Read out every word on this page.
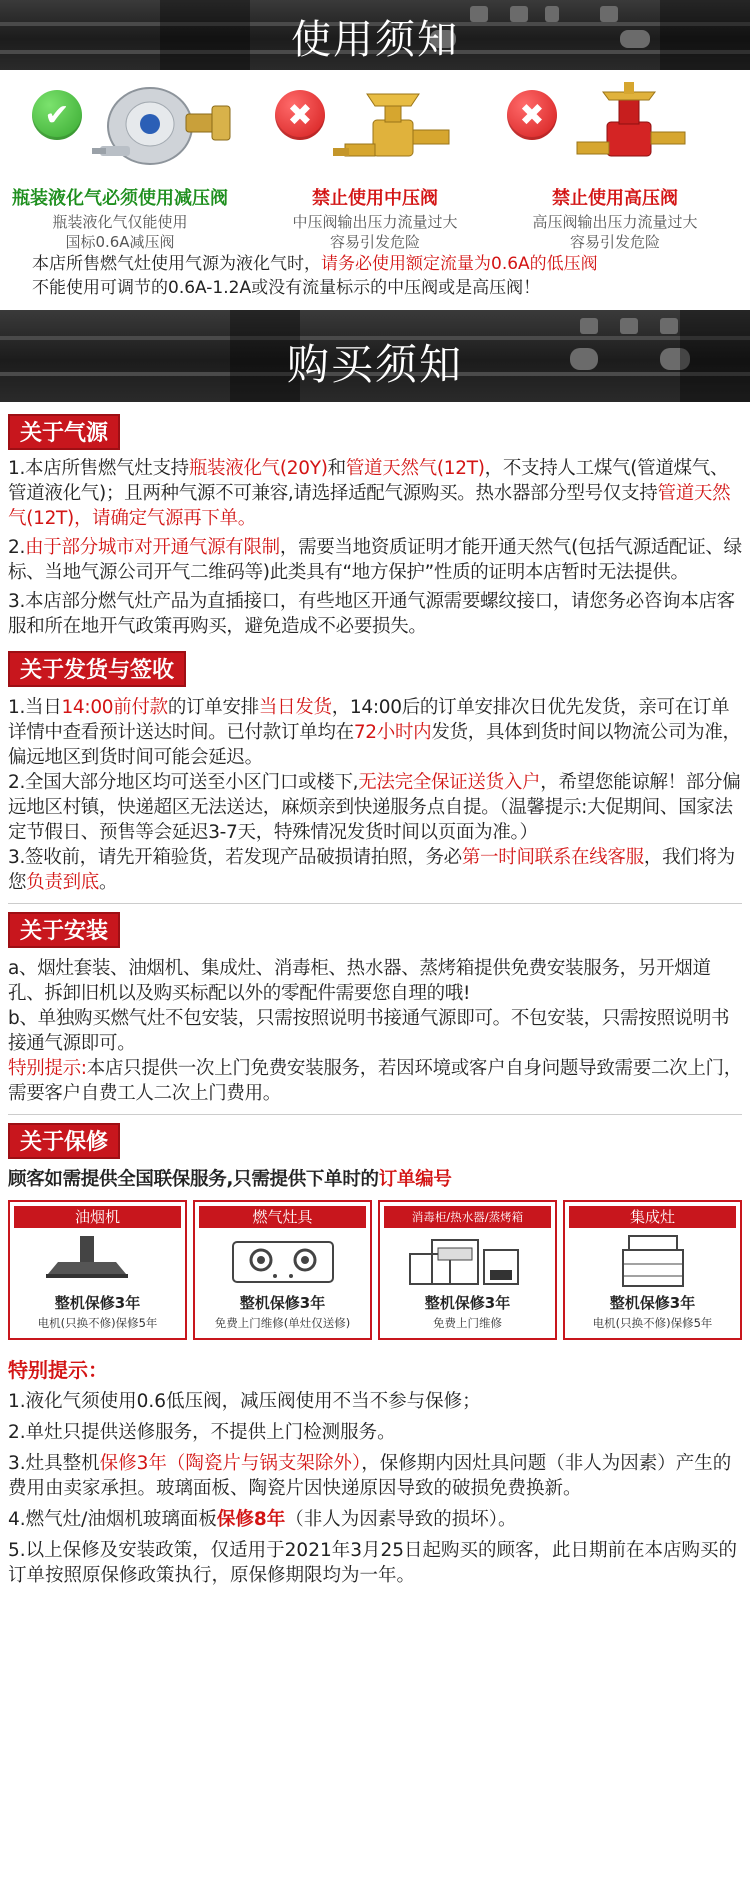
使用须知
✔
瓶装液化气必须使用减压阀
瓶装液化气仅能使用
国标0.6A减压阀
✖
禁止使用中压阀
中压阀输出压力流量过大
容易引发危险
✖
禁止使用高压阀
高压阀输出压力流量过大
容易引发危险
本店所售燃气灶使用气源为液化气时，请务必使用额定流量为0.6A的低压阀
不能使用可调节的0.6A-1.2A或没有流量标示的中压阀或是高压阀！
购买须知
关于气源
1.本店所售燃气灶支持瓶装液化气(20Y)和管道天然气(12T)，不支持人工煤气(管道煤气、管道液化气)；且两种气源不可兼容,请选择适配气源购买。热水器部分型号仅支持管道天然气(12T)，请确定气源再下单。
2.由于部分城市对开通气源有限制，需要当地资质证明才能开通天然气(包括气源适配证、绿标、当地气源公司开气二维码等)此类具有“地方保护”性质的证明本店暂时无法提供。
3.本店部分燃气灶产品为直插接口，有些地区开通气源需要螺纹接口，请您务必咨询本店客服和所在地开气政策再购买，避免造成不必要损失。
关于发货与签收
1.当日14:00前付款的订单安排当日发货，14:00后的订单安排次日优先发货，亲可在订单详情中查看预计送达时间。已付款订单均在72小时内发货，具体到货时间以物流公司为准，偏远地区到货时间可能会延迟。
2.全国大部分地区均可送至小区门口或楼下,无法完全保证送货入户，希望您能谅解！部分偏远地区村镇，快递超区无法送达，麻烦亲到快递服务点自提。（温馨提示:大促期间、国家法定节假日、预售等会延迟3-7天，特殊情况发货时间以页面为准。）
3.签收前，请先开箱验货，若发现产品破损请拍照，务必第一时间联系在线客服，我们将为您负责到底。
关于安装
a、烟灶套装、油烟机、集成灶、消毒柜、热水器、蒸烤箱提供免费安装服务，另开烟道孔、拆卸旧机以及购买标配以外的零配件需要您自理的哦!
b、单独购买燃气灶不包安装，只需按照说明书接通气源即可。不包安装，只需按照说明书接通气源即可。
特别提示:本店只提供一次上门免费安装服务，若因环境或客户自身问题导致需要二次上门，需要客户自费工人二次上门费用。
关于保修
顾客如需提供全国联保服务,只需提供下单时的订单编号
油烟机
整机保修3年
电机(只换不修)保修5年
燃气灶具
整机保修3年
免费上门维修(单灶仅送修)
消毒柜/热水器/蒸烤箱
整机保修3年
免费上门维修
集成灶
整机保修3年
电机(只换不修)保修5年
特别提示：
1.液化气须使用0.6低压阀，减压阀使用不当不参与保修；
2.单灶只提供送修服务，不提供上门检测服务。
3.灶具整机保修3年（陶瓷片与锅支架除外），保修期内因灶具问题（非人为因素）产生的费用由卖家承担。玻璃面板、陶瓷片因快递原因导致的破损免费换新。
4.燃气灶/油烟机玻璃面板保修8年（非人为因素导致的损坏）。
5.以上保修及安装政策，仅适用于2021年3月25日起购买的顾客，此日期前在本店购买的订单按照原保修政策执行，原保修期限均为一年。
